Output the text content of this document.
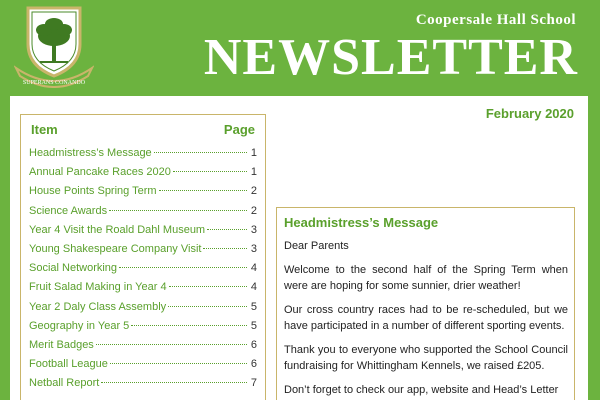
SUPERANS CONANDO
Coopersale Hall School
NEWSLETTER
February 2020
Item	Page
Headmistress’s Message	1
Annual Pancake Races 2020	1
House Points Spring Term	2
Science Awards	2
Year 4 Visit the Roald Dahl Museum	3
Young Shakespeare Company Visit	3
Social Networking	4
Fruit Salad Making in Year 4	4
Year 2 Daly Class Assembly	5
Geography in Year 5	5
Merit Badges	6
Football League	6
Netball Report	7
Headmistress’s Message

Dear Parents

Welcome to the second half of the Spring Term when were are hoping for some sunnier, drier weather!

Our cross country races had to be re-scheduled, but we have participated in a number of different sporting events.

Thank you to everyone who supported the School Council fundraising for Whittingham Kennels, we raised £205.

Don’t forget to check our app, website and Head’s Letter
